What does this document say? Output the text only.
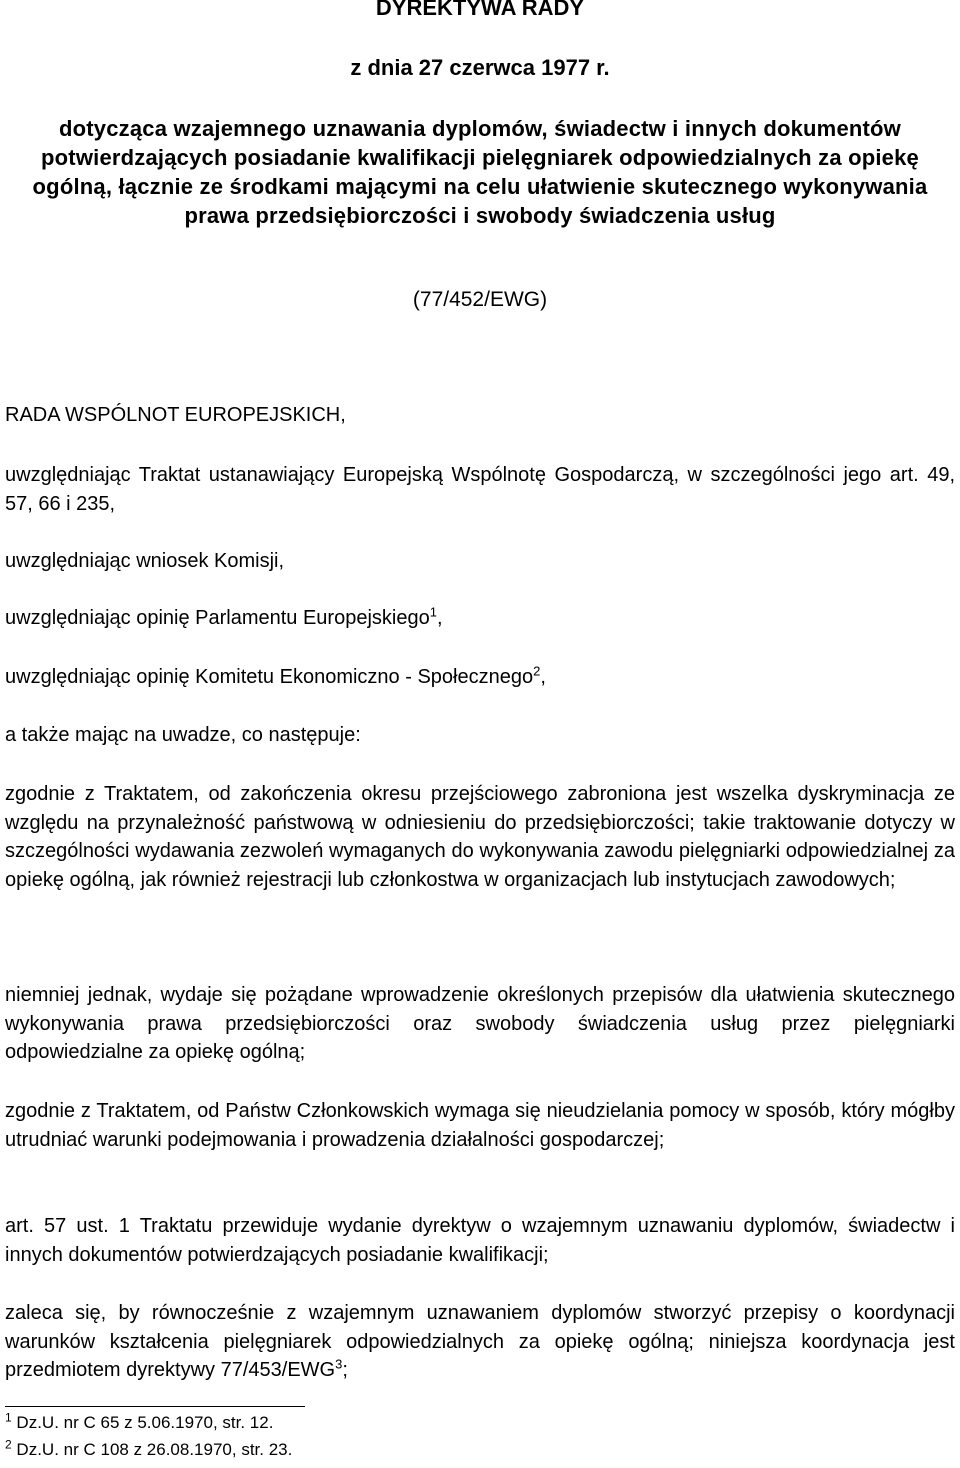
DYREKTYWA RADY
z dnia 27 czerwca 1977 r.
dotycząca wzajemnego uznawania dyplomów, świadectw i innych dokumentów potwierdzających posiadanie kwalifikacji pielęgniarek odpowiedzialnych za opiekę ogólną, łącznie ze środkami mającymi na celu ułatwienie skutecznego wykonywania prawa przedsiębiorczości i swobody świadczenia usług
(77/452/EWG)
RADA WSPÓLNOT EUROPEJSKICH,
uwzględniając Traktat ustanawiający Europejską Wspólnotę Gospodarczą, w szczególności jego art. 49, 57, 66 i 235,
uwzględniając wniosek Komisji,
uwzględniając opinię Parlamentu Europejskiego$^1$,
uwzględniając opinię Komitetu Ekonomiczno - Społecznego$^2$,
a także mając na uwadze, co następuje:
zgodnie z Traktatem, od zakończenia okresu przejściowego zabroniona jest wszelka dyskryminacja ze względu na przynależność państwową w odniesieniu do przedsiębiorczości; takie traktowanie dotyczy w szczególności wydawania zezwoleń wymaganych do wykonywania zawodu pielęgniarki odpowiedzialnej za opiekę ogólną, jak również rejestracji lub członkostwa w organizacjach lub instytucjach zawodowych;
niemniej jednak, wydaje się pożądane wprowadzenie określonych przepisów dla ułatwienia skutecznego wykonywania prawa przedsiębiorczości oraz swobody świadczenia usług przez pielęgniarki odpowiedzialne za opiekę ogólną;
zgodnie z Traktatem, od Państw Członkowskich wymaga się nieudzielania pomocy w sposób, który mógłby utrudniać warunki podejmowania i prowadzenia działalności gospodarczej;
art. 57 ust. 1 Traktatu przewiduje wydanie dyrektyw o wzajemnym uznawaniu dyplomów, świadectw i innych dokumentów potwierdzających posiadanie kwalifikacji;
zaleca się, by równocześnie z wzajemnym uznawaniem dyplomów stworzyć przepisy o koordynacji warunków kształcenia pielęgniarek odpowiedzialnych za opiekę ogólną; niniejsza koordynacja jest przedmiotem dyrektywy 77/453/EWG$^3$;
$^1$ Dz.U. nr C 65 z 5.06.1970, str. 12.
$^2$ Dz.U. nr C 108 z 26.08.1970, str. 23.
